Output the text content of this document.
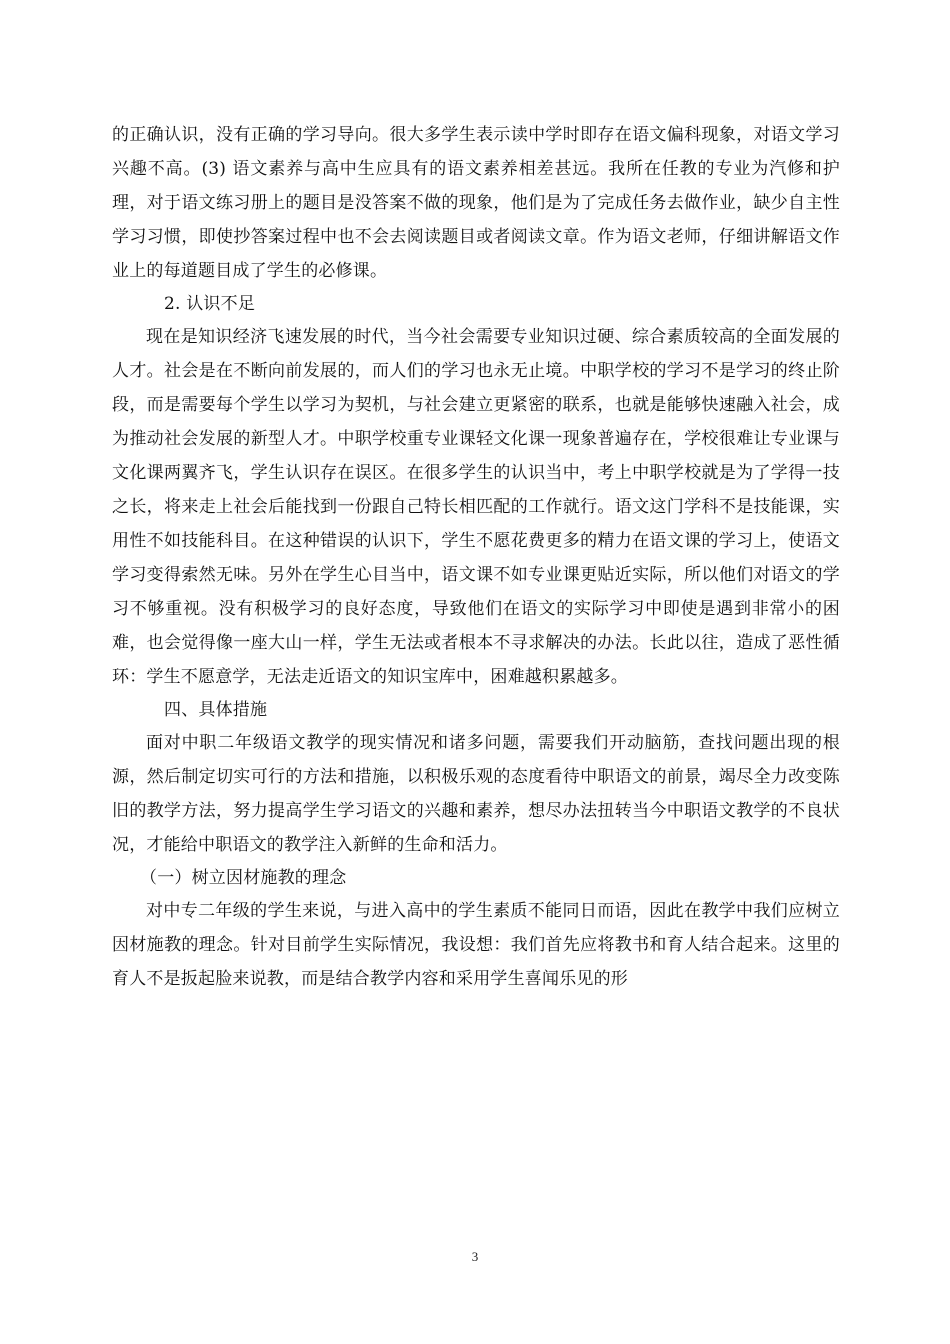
的正确认识，没有正确的学习导向。很大多学生表示读中学时即存在语文偏科现象，对语文学习兴趣不高。(3) 语文素养与高中生应具有的语文素养相差甚远。我所在任教的专业为汽修和护理，对于语文练习册上的题目是没答案不做的现象，他们是为了完成任务去做作业，缺少自主性学习习惯，即使抄答案过程中也不会去阅读题目或者阅读文章。作为语文老师，仔细讲解语文作业上的每道题目成了学生的必修课。

2. 认识不足

现在是知识经济飞速发展的时代，当今社会需要专业知识过硬、综合素质较高的全面发展的人才。社会是在不断向前发展的，而人们的学习也永无止境。中职学校的学习不是学习的终止阶段，而是需要每个学生以学习为契机，与社会建立更紧密的联系，也就是能够快速融入社会，成为推动社会发展的新型人才。中职学校重专业课轻文化课一现象普遍存在，学校很难让专业课与文化课两翼齐飞，学生认识存在误区。在很多学生的认识当中，考上中职学校就是为了学得一技之长，将来走上社会后能找到一份跟自己特长相匹配的工作就行。语文这门学科不是技能课，实用性不如技能科目。在这种错误的认识下，学生不愿花费更多的精力在语文课的学习上，使语文学习变得索然无味。另外在学生心目当中，语文课不如专业课更贴近实际，所以他们对语文的学习不够重视。没有积极学习的良好态度，导致他们在语文的实际学习中即使是遇到非常小的困难，也会觉得像一座大山一样，学生无法或者根本不寻求解决的办法。长此以往，造成了恶性循环：学生不愿意学，无法走近语文的知识宝库中，困难越积累越多。

四、具体措施

面对中职二年级语文教学的现实情况和诸多问题，需要我们开动脑筋，查找问题出现的根源，然后制定切实可行的方法和措施，以积极乐观的态度看待中职语文的前景，竭尽全力改变陈旧的教学方法，努力提高学生学习语文的兴趣和素养，想尽办法扭转当今中职语文教学的不良状况，才能给中职语文的教学注入新鲜的生命和活力。

（一）树立因材施教的理念

对中专二年级的学生来说，与进入高中的学生素质不能同日而语，因此在教学中我们应树立因材施教的理念。针对目前学生实际情况，我设想：我们首先应将教书和育人结合起来。这里的育人不是扳起脸来说教，而是结合教学内容和采用学生喜闻乐见的形

3
